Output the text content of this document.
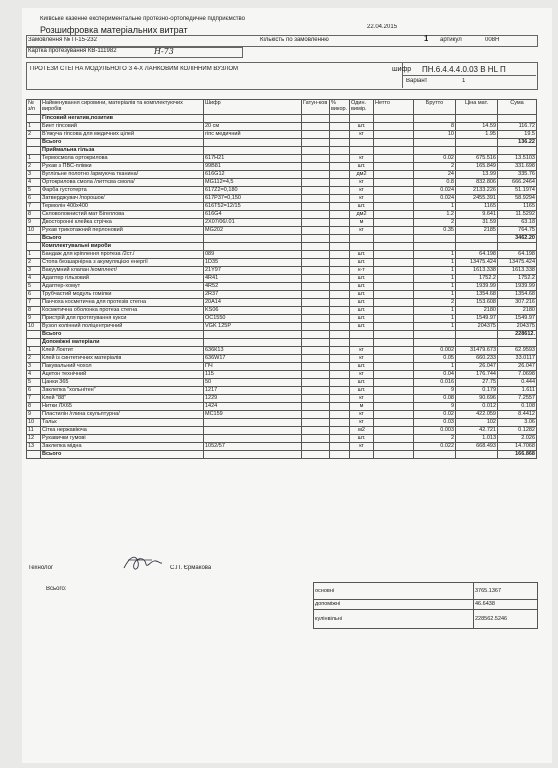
Київське казенне експериментальне протезно-ортопедичне підприємство
Розшифровка матеріальних витрат	22.04.2015
Замовлення № П-15-232	Кількість по замовленню	1 артикул	008Н
Картка протезування КВ-111982	Н-73
ПРОТЕЗИ СТЕГНА МОДУЛЬНОГО З 4-Х ЛАНКОВИМ КОЛІННИМ ВУЗЛОМ	шифр ПН.6.4.4.4.0.03 В HL П
Варіант	1
№ з/п	Найменування сировини, матеріалів та комплектуючих виробів	Шифр	Гатун-ков	% викор.	Один. вимір.	Нетто	Брутто	Ціна мат.	Сума
	Гіпсовий негатив,позитив								
1	Бинт гіпсовий	20 см			шт.		8	14.59	116.72
2	В'яжуча гіпсова для медичних цілей	гіпс медичний			кг		10	1.95	19.5
	Всього								136.22
	Приймальна гільза								
1	Термосмола ортокрилова	617Н21			кг		0.02	675.516	13.5103
2	Рукав з ПВС-плівки	99В81			шт.		2	165.849	331.698
3	Вуглільне полотно /армуюча тканина/	616G12			дм2		24	13.99	335.76
4	Ортокрилова смола /литтєва смола/	MG112=4,5			кг		0.8	832.806	666.2464
5	Фарба густотерта	617Z2=0,180			кг		0.024	2133.226	51.1974
6	Затверджувач /порошок/	617Р37=0,150			кг		0.024	2455.391	58.9294
7	Термолін 400х400	616Т52=12/15			шт.		1	1165	1165
8	Скловолокнистий мат Бігеллова	616G4			дм2		1.2	9.641	11.5292
9	Двосторонні клейка стрічка	2Х07/06/.01			м		2	31.59	63.18
10	Рукав трикотажний перлоновий	MG202			кг		0.35	2185	764.75
	Всього								3462.20
	Комплектувальні вироби								
1	Бандаж для кріплення протеза /2ст./	089			шт.		1	64.198	64.198
2	Стопа безшарнірна з акумуляцією енергії	1D35			шт.		1	13475.424	13475.424
3	Вакуумний клапан /комплект/	21Y97			к-т		1	1613.338	1613.338
4	Адаптер гільзовий	4R41			шт.		1	1752.2	1752.2
5	Адаптер-хомут	4R52			шт.		1	1939.99	1939.99
6	Трубчастий модуль гомілки	2R37			шт.		1	1354.68	1354.68
7	Панчоха косметична для протезів стегна	20А14			шт.		2	153.608	307.216
8	Косметична оболонка протеза стегна	KS06			шт.		1	2180	2180
9	Пристрій для протягування кукси	ОС1550			шт.		1	1549.97	1549.97
10	Вузол колінний поліцентричний	VGK 125P			шт.		1	204375	204375
	Всього								228612.
	Допоміжні матеріали								
1	Клей Локтит	636К13			кг		0.002	31479.673	62.9593
2	Клей із синтетичних матеріалів	636W17			кг		0.05	660.233	33.0117
3	Пакувальний чохол	ПЧ			шт.		1	26.047	26.047
4	Ацетон технічний	115			кг		0.04	176.744	7.0698
5	Цанки 365	50			шт.		0.016	27.75	0.444
6	Заклепка "хольнітен"	1217			шт.		9	0.179	1.611
7	Клей "88"	1229			кг		0.08	90.696	7.2557
8	Нитки ЛХ65	1424			м		9	0.012	0.108
9	Пластилін /глина скульптурна/	MC159			кг		0.02	422.059	8.4412
10	Тальк				кг		0.03	102	3.06
11	Сітка нержавіюча				м2		0.003	42.721	0.1282
12	Рукавички гумові				шт.		2	1.013	2.026
13	Заклепка мідна	1052/57			кг		0.022	668.493	14.7068
	Всього								166.868
Технолог	С.П. Єрмакова
Всього:	основні	3765.1367
допоміжні	46.6438
кулінвільні	228562.5246
